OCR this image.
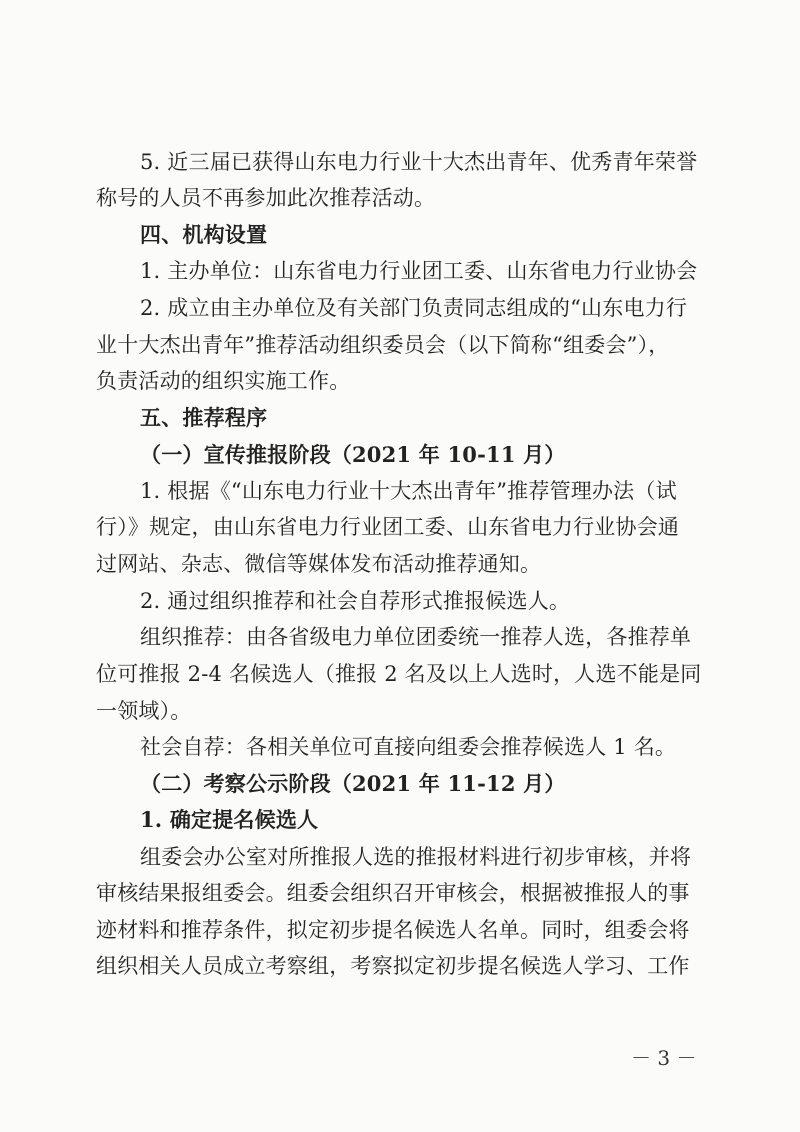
5. 近三届已获得山东电力行业十大杰出青年、优秀青年荣誉
称号的人员不再参加此次推荐活动。
四、机构设置
1. 主办单位：山东省电力行业团工委、山东省电力行业协会
2. 成立由主办单位及有关部门负责同志组成的“山东电力行
业十大杰出青年”推荐活动组织委员会（以下简称“组委会”），
负责活动的组织实施工作。
五、推荐程序
（一）宣传推报阶段（2021 年 10-11 月）
1. 根据《“山东电力行业十大杰出青年”推荐管理办法（试
行）》规定，由山东省电力行业团工委、山东省电力行业协会通
过网站、杂志、微信等媒体发布活动推荐通知。
2. 通过组织推荐和社会自荐形式推报候选人。
组织推荐：由各省级电力单位团委统一推荐人选，各推荐单
位可推报 2-4 名候选人（推报 2 名及以上人选时，人选不能是同
一领域）。
社会自荐：各相关单位可直接向组委会推荐候选人 1 名。
（二）考察公示阶段（2021 年 11-12 月）
1. 确定提名候选人
组委会办公室对所推报人选的推报材料进行初步审核，并将
审核结果报组委会。组委会组织召开审核会，根据被推报人的事
迹材料和推荐条件，拟定初步提名候选人名单。同时，组委会将
组织相关人员成立考察组，考察拟定初步提名候选人学习、工作
－ 3 －
